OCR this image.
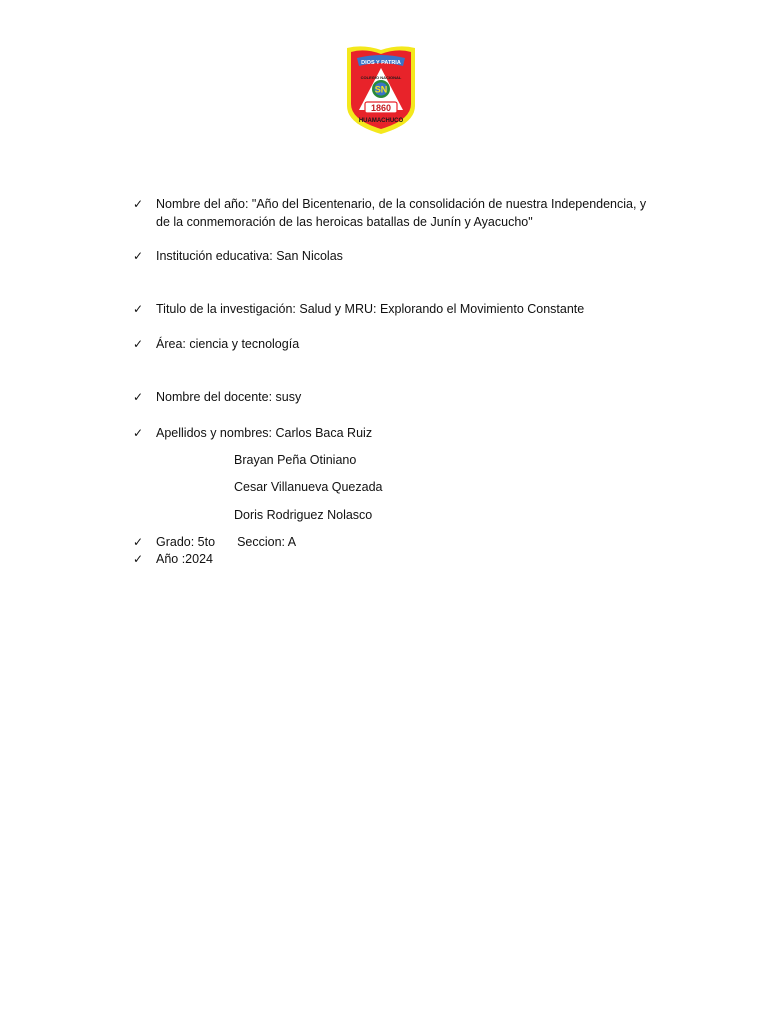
DIOS Y PATRIA
COLEGIO NACIONAL
SN
1860
HUAMACHUCO
✓	Nombre del año: "Año del Bicentenario, de la consolidación de nuestra Independencia, y de la conmemoración de las heroicas batallas de Junín y Ayacucho"
✓	Institución educativa: San Nicolas
✓	Titulo de la investigación: Salud y MRU: Explorando el Movimiento Constante
✓	Área: ciencia y tecnología
✓	Nombre del docente: susy
✓	Apellidos y nombres: Carlos Baca Ruiz
Brayan Peña Otiniano
Cesar Villanueva Quezada
Doris Rodriguez Nolasco
✓	Grado: 5to Seccion: A
✓	Año :2024
